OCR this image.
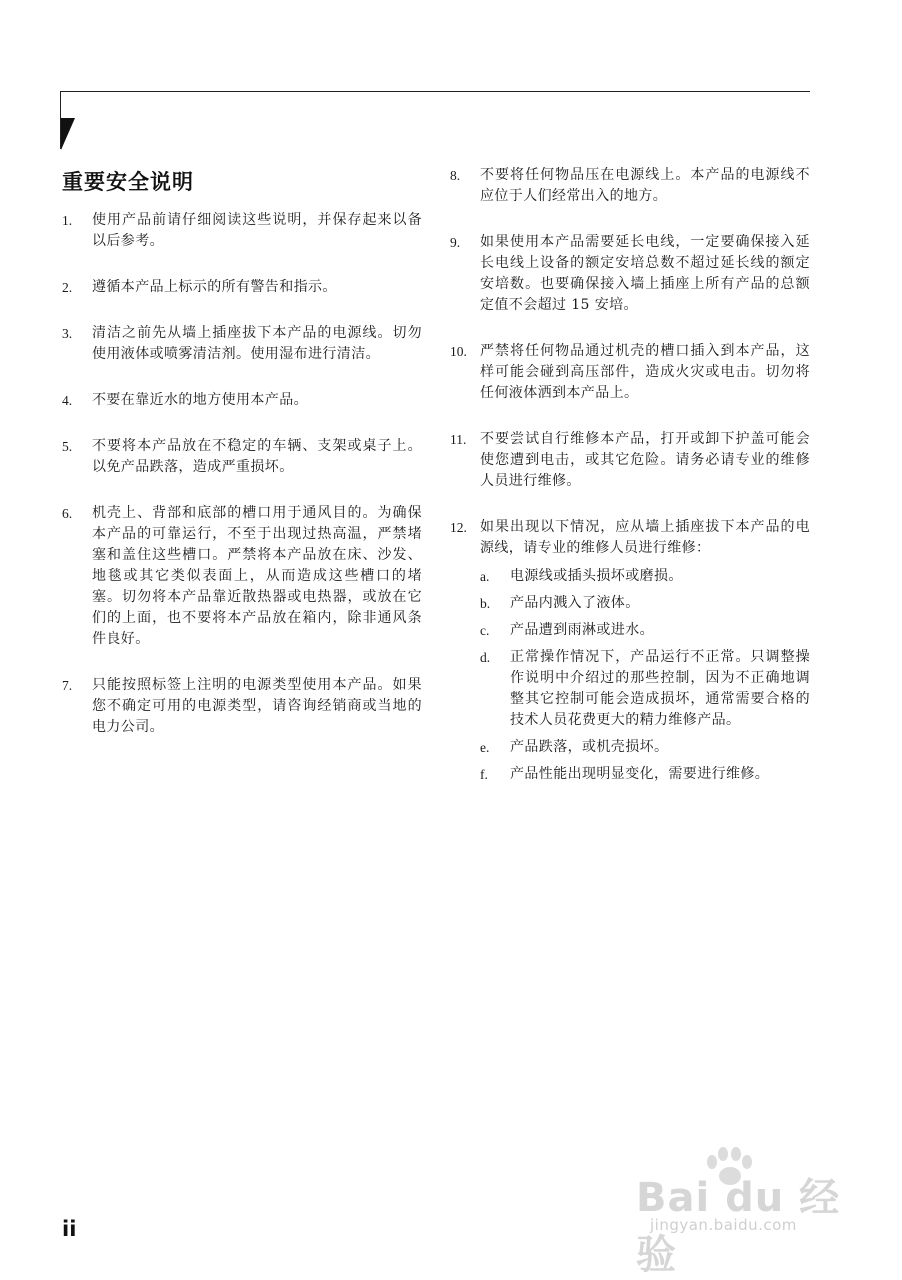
重要安全说明
1. 使用产品前请仔细阅读这些说明，并保存起来以备以后参考。
2. 遵循本产品上标示的所有警告和指示。
3. 清洁之前先从墙上插座拔下本产品的电源线。切勿使用液体或喷雾清洁剂。使用湿布进行清洁。
4. 不要在靠近水的地方使用本产品。
5. 不要将本产品放在不稳定的车辆、支架或桌子上。以免产品跌落，造成严重损坏。
6. 机壳上、背部和底部的槽口用于通风目的。为确保本产品的可靠运行，不至于出现过热高温，严禁堵塞和盖住这些槽口。严禁将本产品放在床、沙发、地毯或其它类似表面上，从而造成这些槽口的堵塞。切勿将本产品靠近散热器或电热器，或放在它们的上面，也不要将本产品放在箱内，除非通风条件良好。
7. 只能按照标签上注明的电源类型使用本产品。如果您不确定可用的电源类型，请咨询经销商或当地的电力公司。
8. 不要将任何物品压在电源线上。本产品的电源线不应位于人们经常出入的地方。
9. 如果使用本产品需要延长电线，一定要确保接入延长电线上设备的额定安培总数不超过延长线的额定安培数。也要确保接入墙上插座上所有产品的总额定值不会超过 15 安培。
10. 严禁将任何物品通过机壳的槽口插入到本产品，这样可能会碰到高压部件，造成火灾或电击。切勿将任何液体洒到本产品上。
11. 不要尝试自行维修本产品，打开或卸下护盖可能会使您遭到电击，或其它危险。请务必请专业的维修人员进行维修。
12. 如果出现以下情况，应从墙上插座拔下本产品的电源线，请专业的维修人员进行维修：
a. 电源线或插头损坏或磨损。
b. 产品内溅入了液体。
c. 产品遭到雨淋或进水。
d. 正常操作情况下，产品运行不正常。只调整操作说明中介绍过的那些控制，因为不正确地调整其它控制可能会造成损坏，通常需要合格的技术人员花费更大的精力维修产品。
e. 产品跌落，或机壳损坏。
f. 产品性能出现明显变化，需要进行维修。
ii
Bai du 经验
jingyan.baidu.com
